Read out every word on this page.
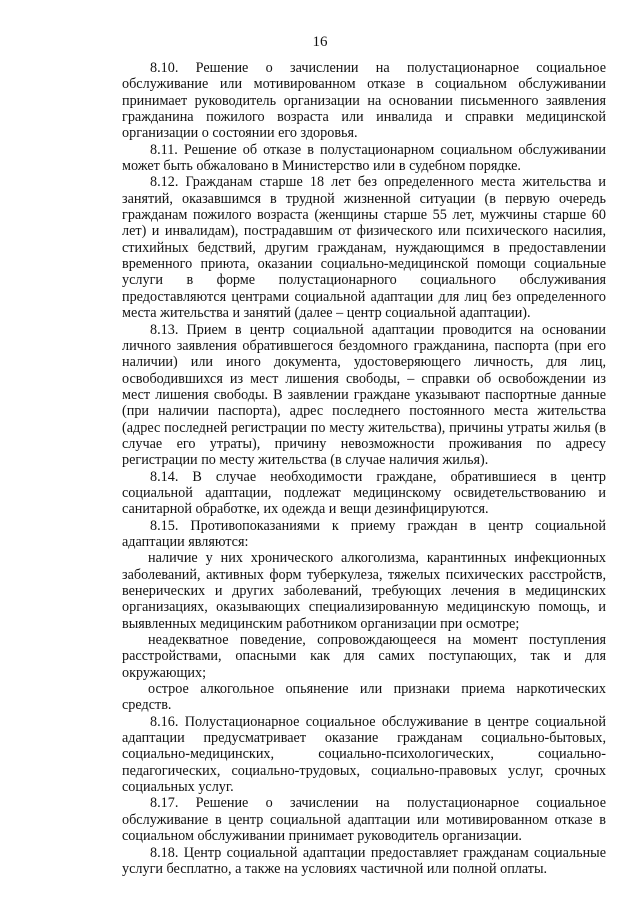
16

8.10. Решение о зачислении на полустационарное социальное обслуживание или мотивированном отказе в социальном обслуживании принимает руководитель организации на основании письменного заявления гражданина пожилого возраста или инвалида и справки медицинской организации о состоянии его здоровья.

8.11. Решение об отказе в полустационарном социальном обслуживании может быть обжаловано в Министерство или в судебном порядке.

8.12. Гражданам старше 18 лет без определенного места жительства и занятий, оказавшимся в трудной жизненной ситуации (в первую очередь гражданам пожилого возраста (женщины старше 55 лет, мужчины старше 60 лет) и инвалидам), пострадавшим от физического или психического насилия, стихийных бедствий, другим гражданам, нуждающимся в предоставлении временного приюта, оказании социально-медицинской помощи социальные услуги в форме полустационарного социального обслуживания предоставляются центрами социальной адаптации для лиц без определенного места жительства и занятий (далее – центр социальной адаптации).

8.13. Прием в центр социальной адаптации проводится на основании личного заявления обратившегося бездомного гражданина, паспорта (при его наличии) или иного документа, удостоверяющего личность, для лиц, освободившихся из мест лишения свободы, – справки об освобождении из мест лишения свободы. В заявлении граждане указывают паспортные данные (при наличии паспорта), адрес последнего постоянного места жительства (адрес последней регистрации по месту жительства), причины утраты жилья (в случае его утраты), причину невозможности проживания по адресу регистрации по месту жительства (в случае наличия жилья).

8.14. В случае необходимости граждане, обратившиеся в центр социальной адаптации, подлежат медицинскому освидетельствованию и санитарной обработке, их одежда и вещи дезинфицируются.

8.15. Противопоказаниями к приему граждан в центр социальной адаптации являются:

наличие у них хронического алкоголизма, карантинных инфекционных заболеваний, активных форм туберкулеза, тяжелых психических расстройств, венерических и других заболеваний, требующих лечения в медицинских организациях, оказывающих специализированную медицинскую помощь, и выявленных медицинским работником организации при осмотре;

неадекватное поведение, сопровождающееся на момент поступления расстройствами, опасными как для самих поступающих, так и для окружающих;

острое алкогольное опьянение или признаки приема наркотических средств.

8.16. Полустационарное социальное обслуживание в центре социальной адаптации предусматривает оказание гражданам социально-бытовых, социально-медицинских, социально-психологических, социально-педагогических, социально-трудовых, социально-правовых услуг, срочных социальных услуг.

8.17. Решение о зачислении на полустационарное социальное обслуживание в центр социальной адаптации или мотивированном отказе в социальном обслуживании принимает руководитель организации.

8.18. Центр социальной адаптации предоставляет гражданам социальные услуги бесплатно, а также на условиях частичной или полной оплаты.
